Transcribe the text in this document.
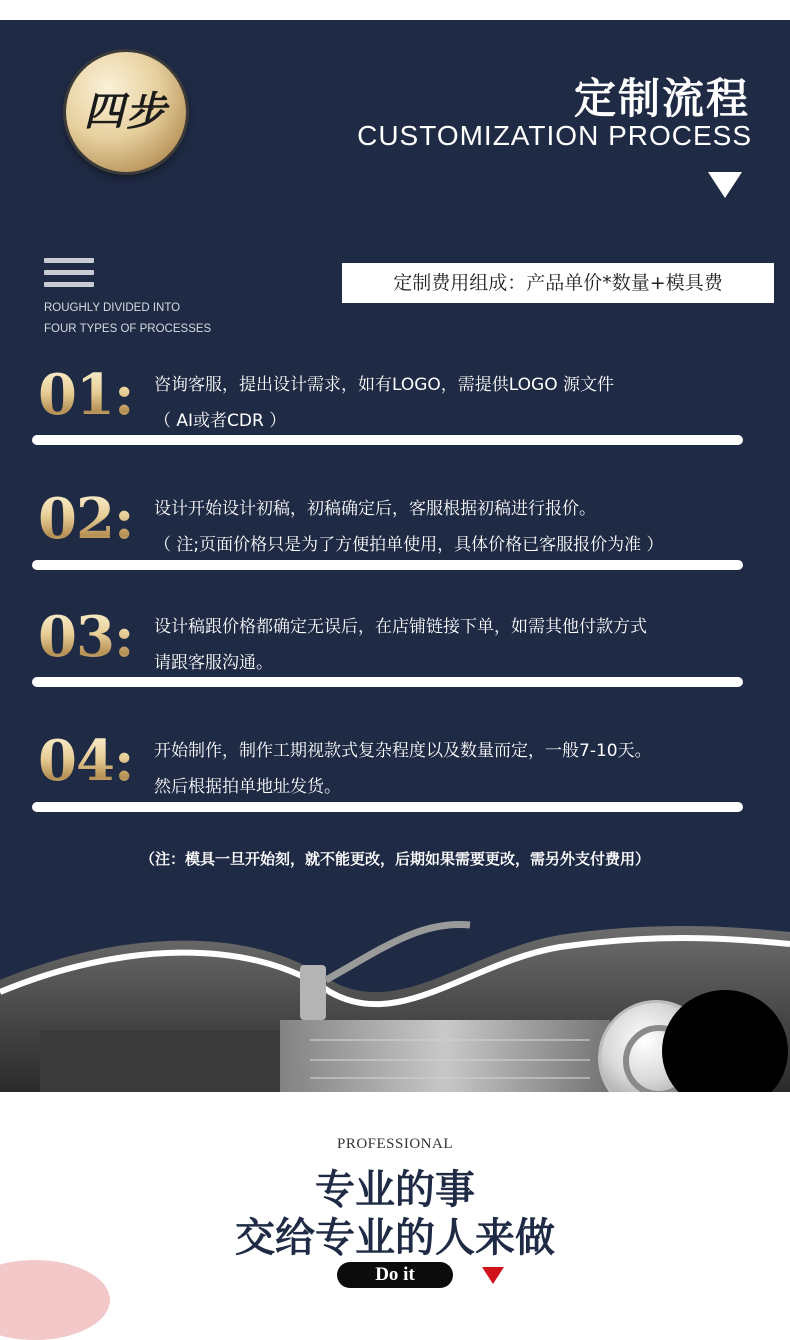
四步	定制流程
CUSTOMIZATION PROCESS
ROUGHLY DIVIDED INTO
FOUR TYPES OF PROCESSES
定制费用组成：产品单价*数量+模具费
01: 咨询客服，提出设计需求，如有LOGO，需提供LOGO 源文件
（ AI或者CDR ）
02: 设计开始设计初稿，初稿确定后，客服根据初稿进行报价。
（ 注;页面价格只是为了方便拍单使用，具体价格已客服报价为准 ）
03: 设计稿跟价格都确定无误后，在店铺链接下单，如需其他付款方式
请跟客服沟通。
04: 开始制作，制作工期视款式复杂程度以及数量而定，一般7-10天。
然后根据拍单地址发货。
（注：模具一旦开始刻，就不能更改，后期如果需要更改，需另外支付费用）
PROFESSIONAL
专业的事
交给专业的人来做
Do it
